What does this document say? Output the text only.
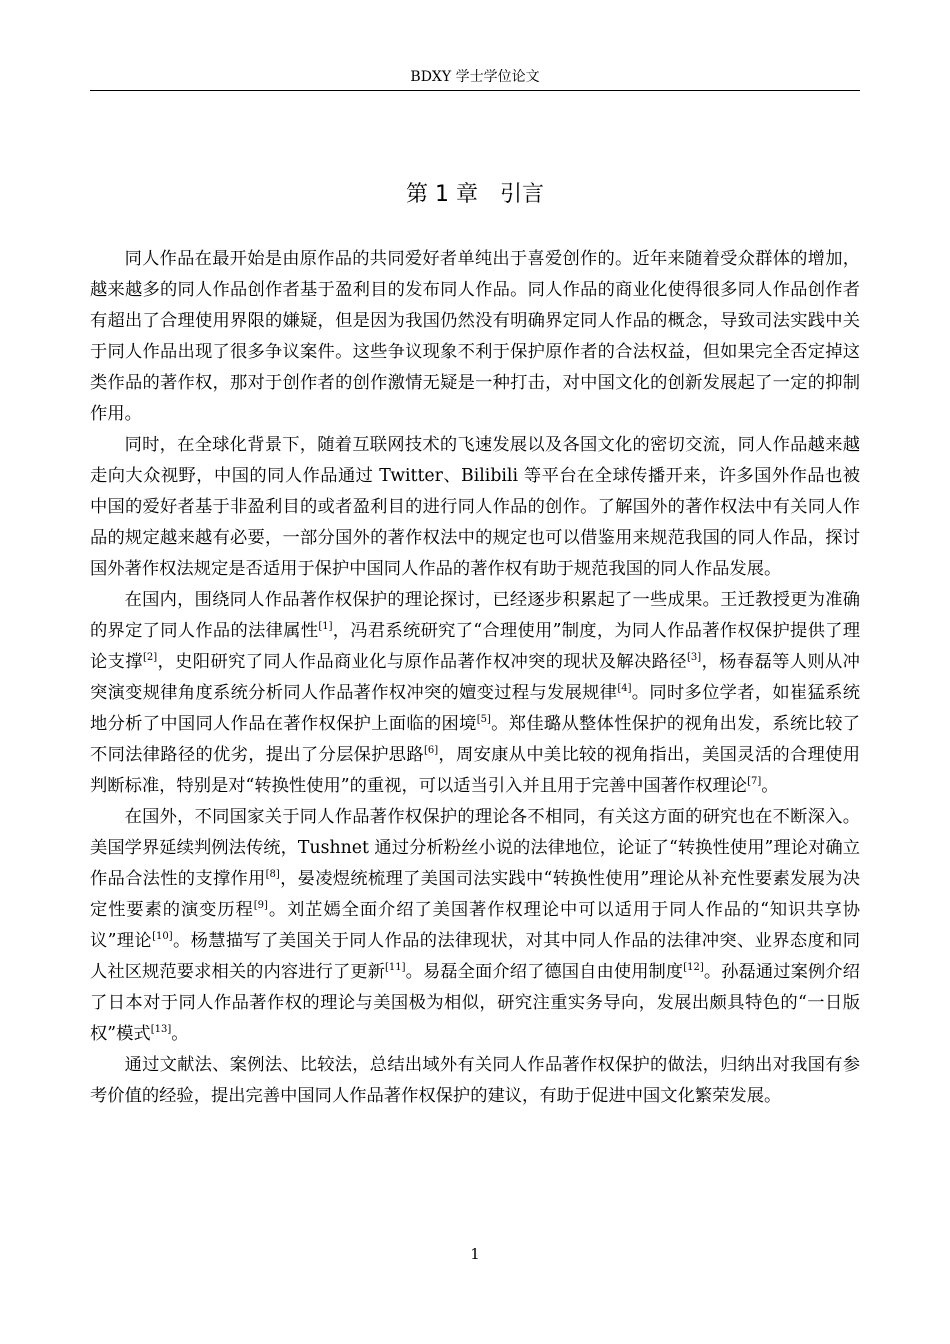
BDXY 学士学位论文
第 1 章　引言

同人作品在最开始是由原作品的共同爱好者单纯出于喜爱创作的。近年来随着受众群体的增加，越来越多的同人作品创作者基于盈利目的发布同人作品。同人作品的商业化使得很多同人作品创作者有超出了合理使用界限的嫌疑，但是因为我国仍然没有明确界定同人作品的概念，导致司法实践中关于同人作品出现了很多争议案件。这些争议现象不利于保护原作者的合法权益，但如果完全否定掉这类作品的著作权，那对于创作者的创作激情无疑是一种打击，对中国文化的创新发展起了一定的抑制作用。

同时，在全球化背景下，随着互联网技术的飞速发展以及各国文化的密切交流，同人作品越来越走向大众视野，中国的同人作品通过 Twitter、Bilibili 等平台在全球传播开来，许多国外作品也被中国的爱好者基于非盈利目的或者盈利目的进行同人作品的创作。了解国外的著作权法中有关同人作品的规定越来越有必要，一部分国外的著作权法中的规定也可以借鉴用来规范我国的同人作品，探讨国外著作权法规定是否适用于保护中国同人作品的著作权有助于规范我国的同人作品发展。

在国内，围绕同人作品著作权保护的理论探讨，已经逐步积累起了一些成果。王迁教授更为准确的界定了同人作品的法律属性[1]，冯君系统研究了“合理使用”制度，为同人作品著作权保护提供了理论支撑[2]，史阳研究了同人作品商业化与原作品著作权冲突的现状及解决路径[3]，杨春磊等人则从冲突演变规律角度系统分析同人作品著作权冲突的嬗变过程与发展规律[4]。同时多位学者，如崔猛系统地分析了中国同人作品在著作权保护上面临的困境[5]。郑佳璐从整体性保护的视角出发，系统比较了不同法律路径的优劣，提出了分层保护思路[6]，周安康从中美比较的视角指出，美国灵活的合理使用判断标准，特别是对“转换性使用”的重视，可以适当引入并且用于完善中国著作权理论[7]。

在国外，不同国家关于同人作品著作权保护的理论各不相同，有关这方面的研究也在不断深入。美国学界延续判例法传统，Tushnet 通过分析粉丝小说的法律地位，论证了“转换性使用”理论对确立作品合法性的支撑作用[8]，晏凌煜统梳理了美国司法实践中“转换性使用”理论从补充性要素发展为决定性要素的演变历程[9]。刘芷嫣全面介绍了美国著作权理论中可以适用于同人作品的“知识共享协议”理论[10]。杨慧描写了美国关于同人作品的法律现状，对其中同人作品的法律冲突、业界态度和同人社区规范要求相关的内容进行了更新[11]。易磊全面介绍了德国自由使用制度[12]。孙磊通过案例介绍了日本对于同人作品著作权的理论与美国极为相似，研究注重实务导向，发展出颇具特色的“一日版权”模式[13]。

通过文献法、案例法、比较法，总结出域外有关同人作品著作权保护的做法，归纳出对我国有参考价值的经验，提出完善中国同人作品著作权保护的建议，有助于促进中国文化繁荣发展。

1
